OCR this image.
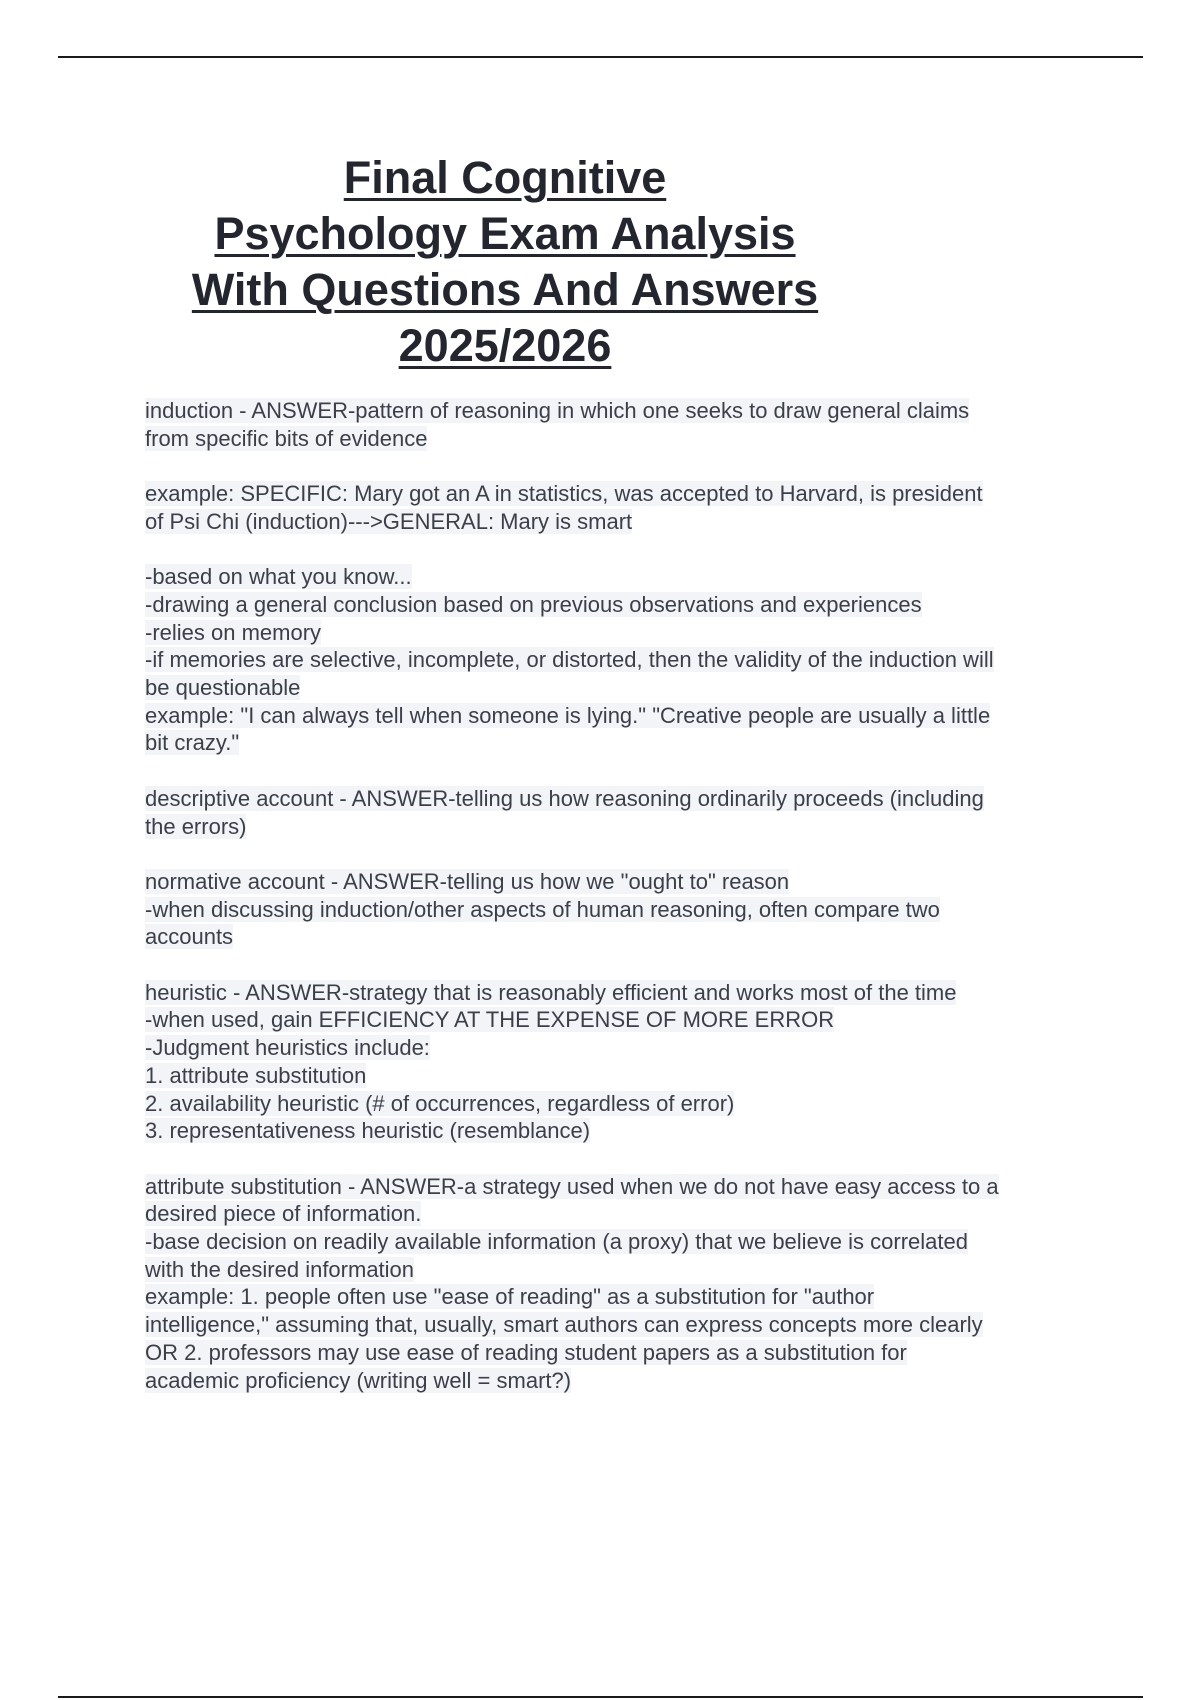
Final Cognitive
Psychology Exam Analysis
With Questions And Answers
2025/2026
induction - ANSWER-pattern of reasoning in which one seeks to draw general claims
from specific bits of evidence
example: SPECIFIC: Mary got an A in statistics, was accepted to Harvard, is president
of Psi Chi (induction)--->GENERAL: Mary is smart
-based on what you know...
-drawing a general conclusion based on previous observations and experiences
-relies on memory
-if memories are selective, incomplete, or distorted, then the validity of the induction will
be questionable
example: "I can always tell when someone is lying." "Creative people are usually a little
bit crazy."
descriptive account - ANSWER-telling us how reasoning ordinarily proceeds (including
the errors)
normative account - ANSWER-telling us how we "ought to" reason
-when discussing induction/other aspects of human reasoning, often compare two
accounts
heuristic - ANSWER-strategy that is reasonably efficient and works most of the time
-when used, gain EFFICIENCY AT THE EXPENSE OF MORE ERROR
-Judgment heuristics include:
1. attribute substitution
2. availability heuristic (# of occurrences, regardless of error)
3. representativeness heuristic (resemblance)
attribute substitution - ANSWER-a strategy used when we do not have easy access to a
desired piece of information.
-base decision on readily available information (a proxy) that we believe is correlated
with the desired information
example: 1. people often use "ease of reading" as a substitution for "author
intelligence," assuming that, usually, smart authors can express concepts more clearly
OR 2. professors may use ease of reading student papers as a substitution for
academic proficiency (writing well = smart?)
